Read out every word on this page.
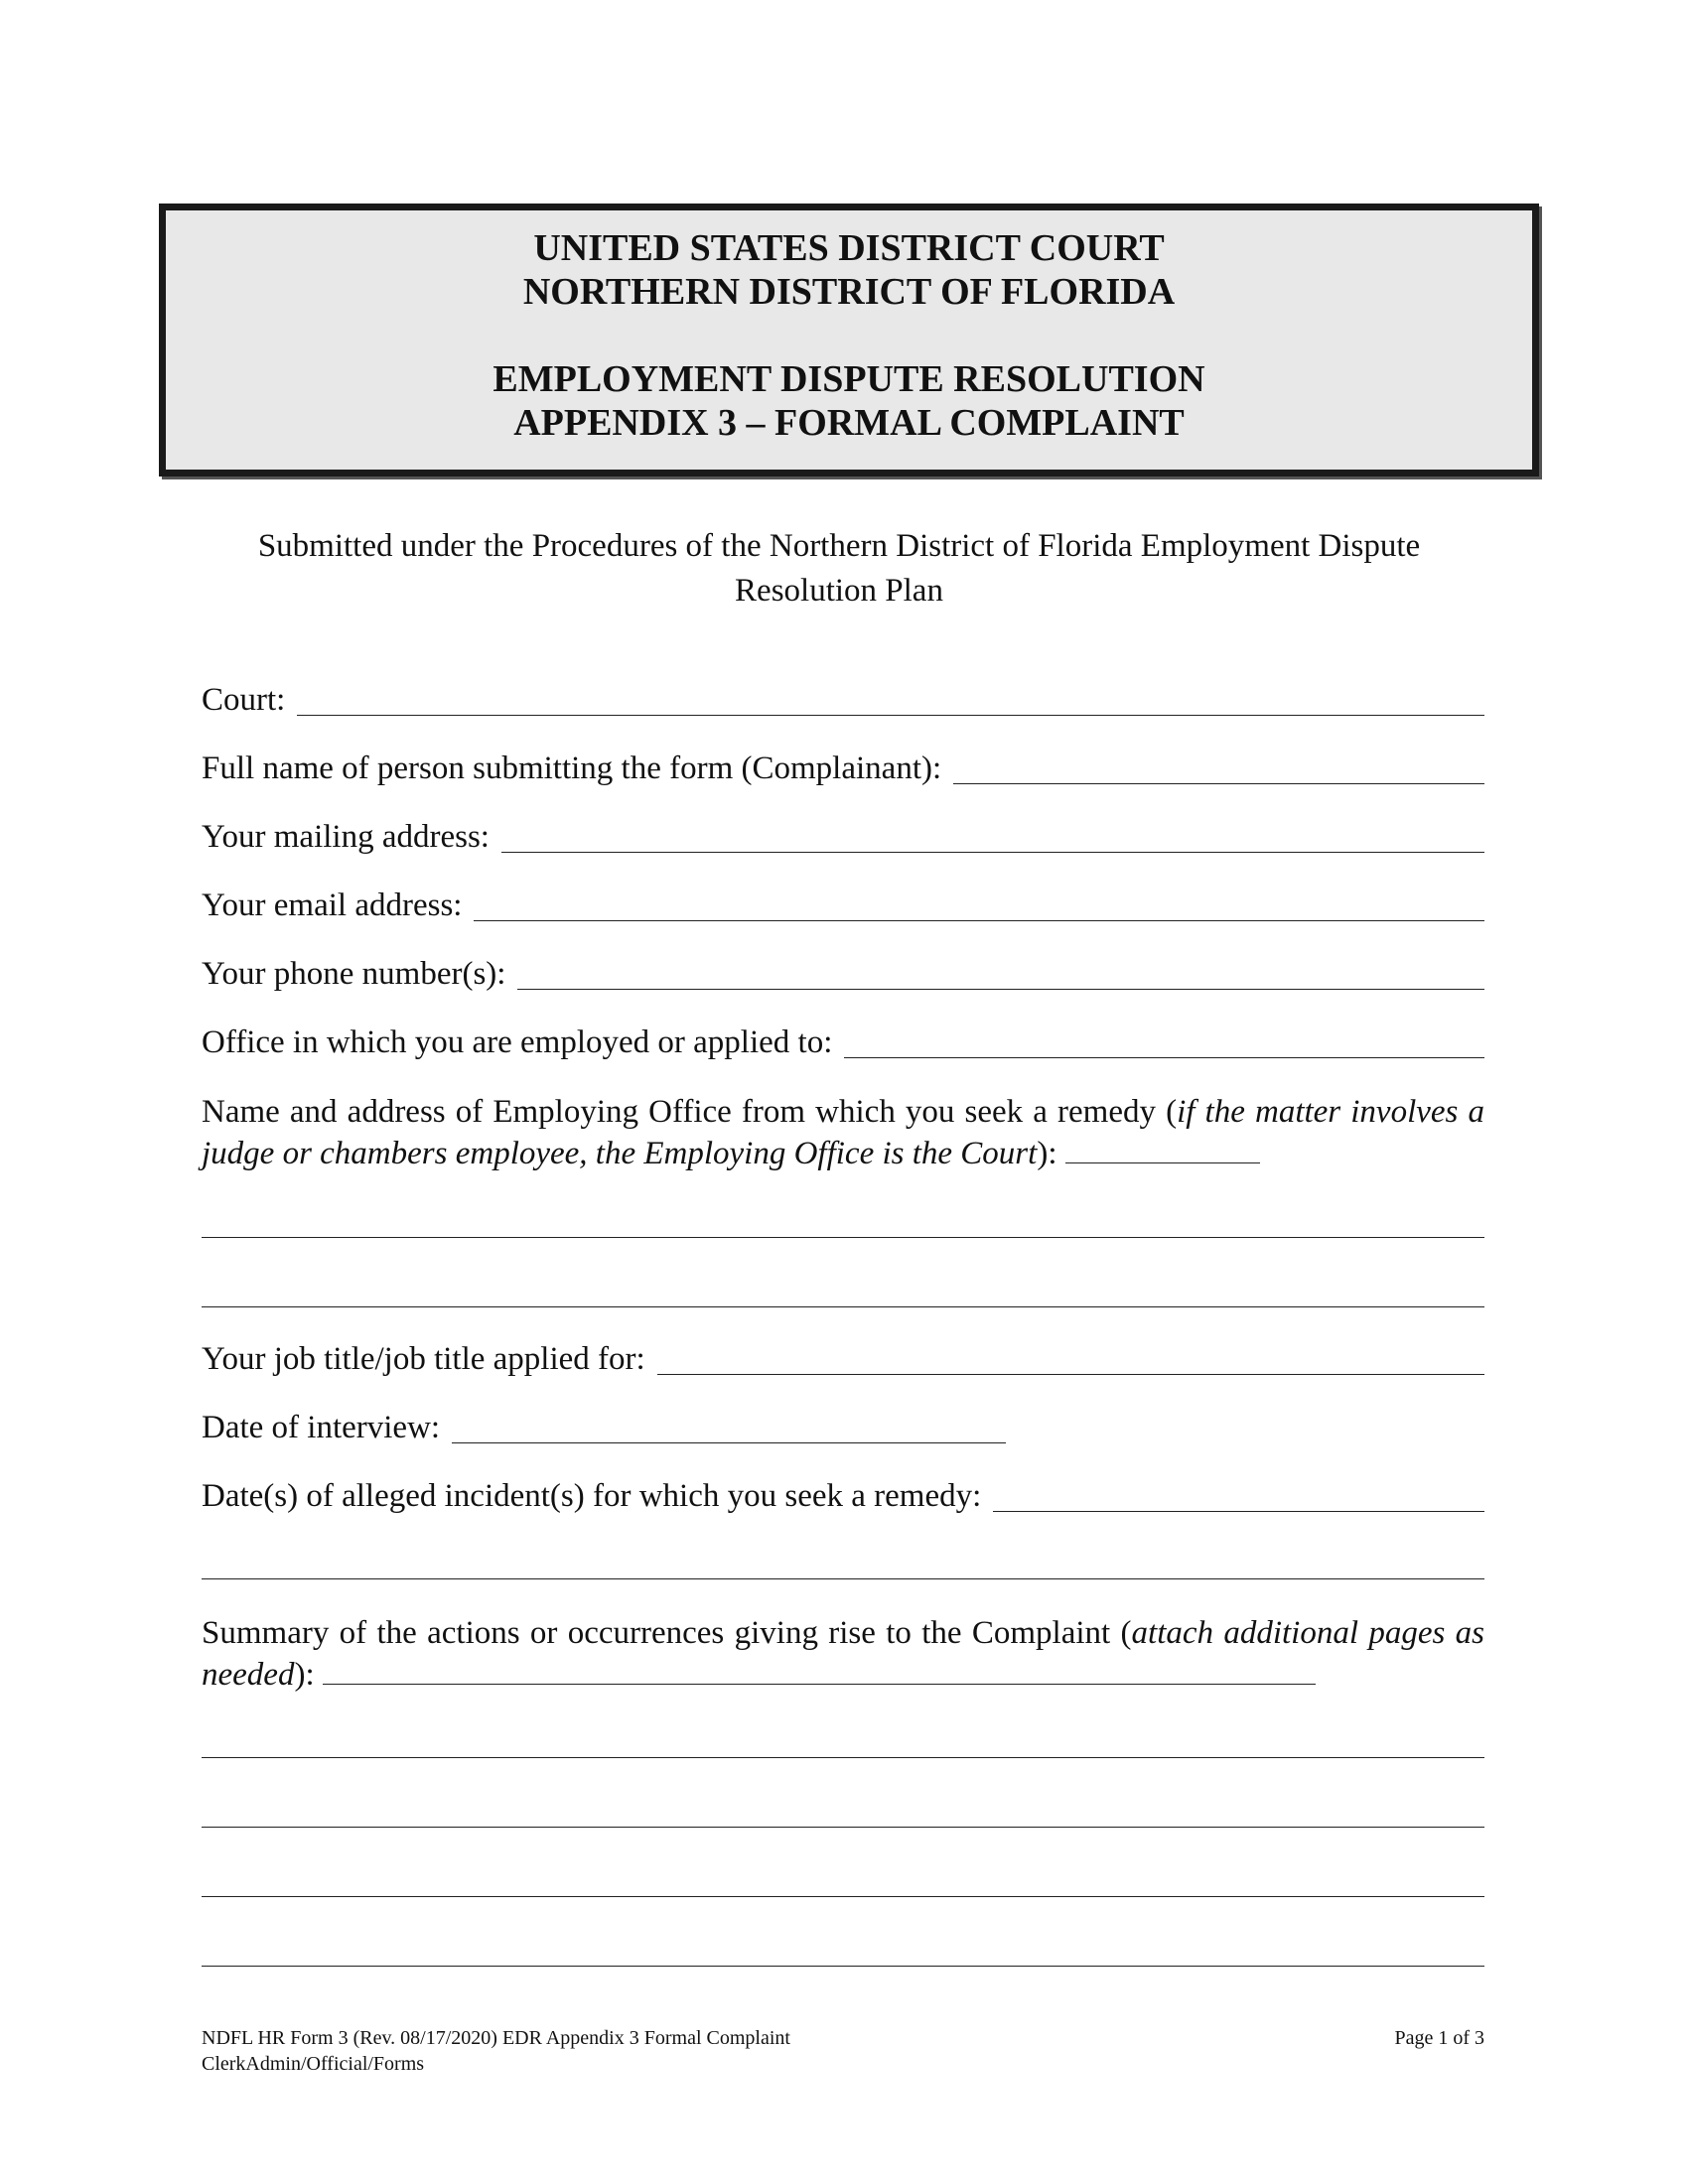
UNITED STATES DISTRICT COURT
NORTHERN DISTRICT OF FLORIDA
EMPLOYMENT DISPUTE RESOLUTION
APPENDIX 3 – FORMAL COMPLAINT
Submitted under the Procedures of the Northern District of Florida Employment Dispute Resolution Plan
Court:
Full name of person submitting the form (Complainant):
Your mailing address:
Your email address:
Your phone number(s):
Office in which you are employed or applied to:
Name and address of Employing Office from which you seek a remedy (if the matter involves a judge or chambers employee, the Employing Office is the Court):
Your job title/job title applied for:
Date of interview:
Date(s) of alleged incident(s) for which you seek a remedy:
Summary of the actions or occurrences giving rise to the Complaint (attach additional pages as needed):
NDFL HR Form 3 (Rev. 08/17/2020) EDR Appendix 3 Formal Complaint
ClerkAdmin/Official/Forms
Page 1 of 3
